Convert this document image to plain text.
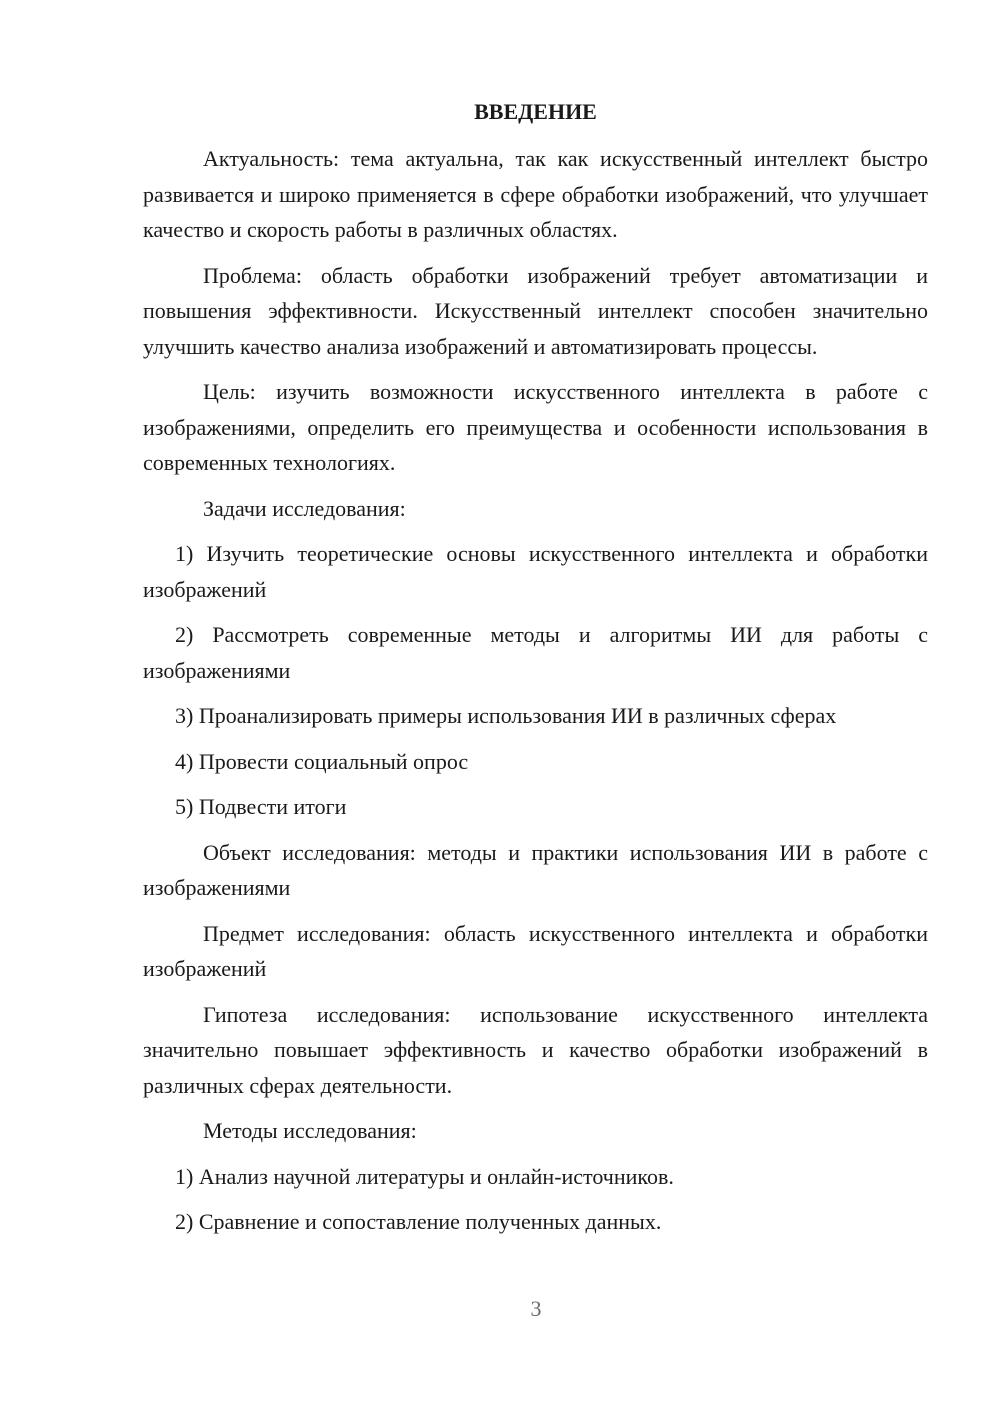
ВВЕДЕНИЕ

Актуальность: тема актуальна, так как искусственный интеллект быстро развивается и широко применяется в сфере обработки изображений, что улучшает качество и скорость работы в различных областях.

Проблема: область обработки изображений требует автоматизации и повышения эффективности. Искусственный интеллект способен значительно улучшить качество анализа изображений и автоматизировать процессы.

Цель: изучить возможности искусственного интеллекта в работе с изображениями, определить его преимущества и особенности использования в современных технологиях.

Задачи исследования:

1) Изучить теоретические основы искусственного интеллекта и обработки изображений

2) Рассмотреть современные методы и алгоритмы ИИ для работы с изображениями

3) Проанализировать примеры использования ИИ в различных сферах

4) Провести социальный опрос

5) Подвести итоги

Объект исследования: методы и практики использования ИИ в работе с изображениями

Предмет исследования: область искусственного интеллекта и обработки изображений

Гипотеза исследования: использование искусственного интеллекта значительно повышает эффективность и качество обработки изображений в различных сферах деятельности.

Методы исследования:

1) Анализ научной литературы и онлайн-источников.

2) Сравнение и сопоставление полученных данных.

3
